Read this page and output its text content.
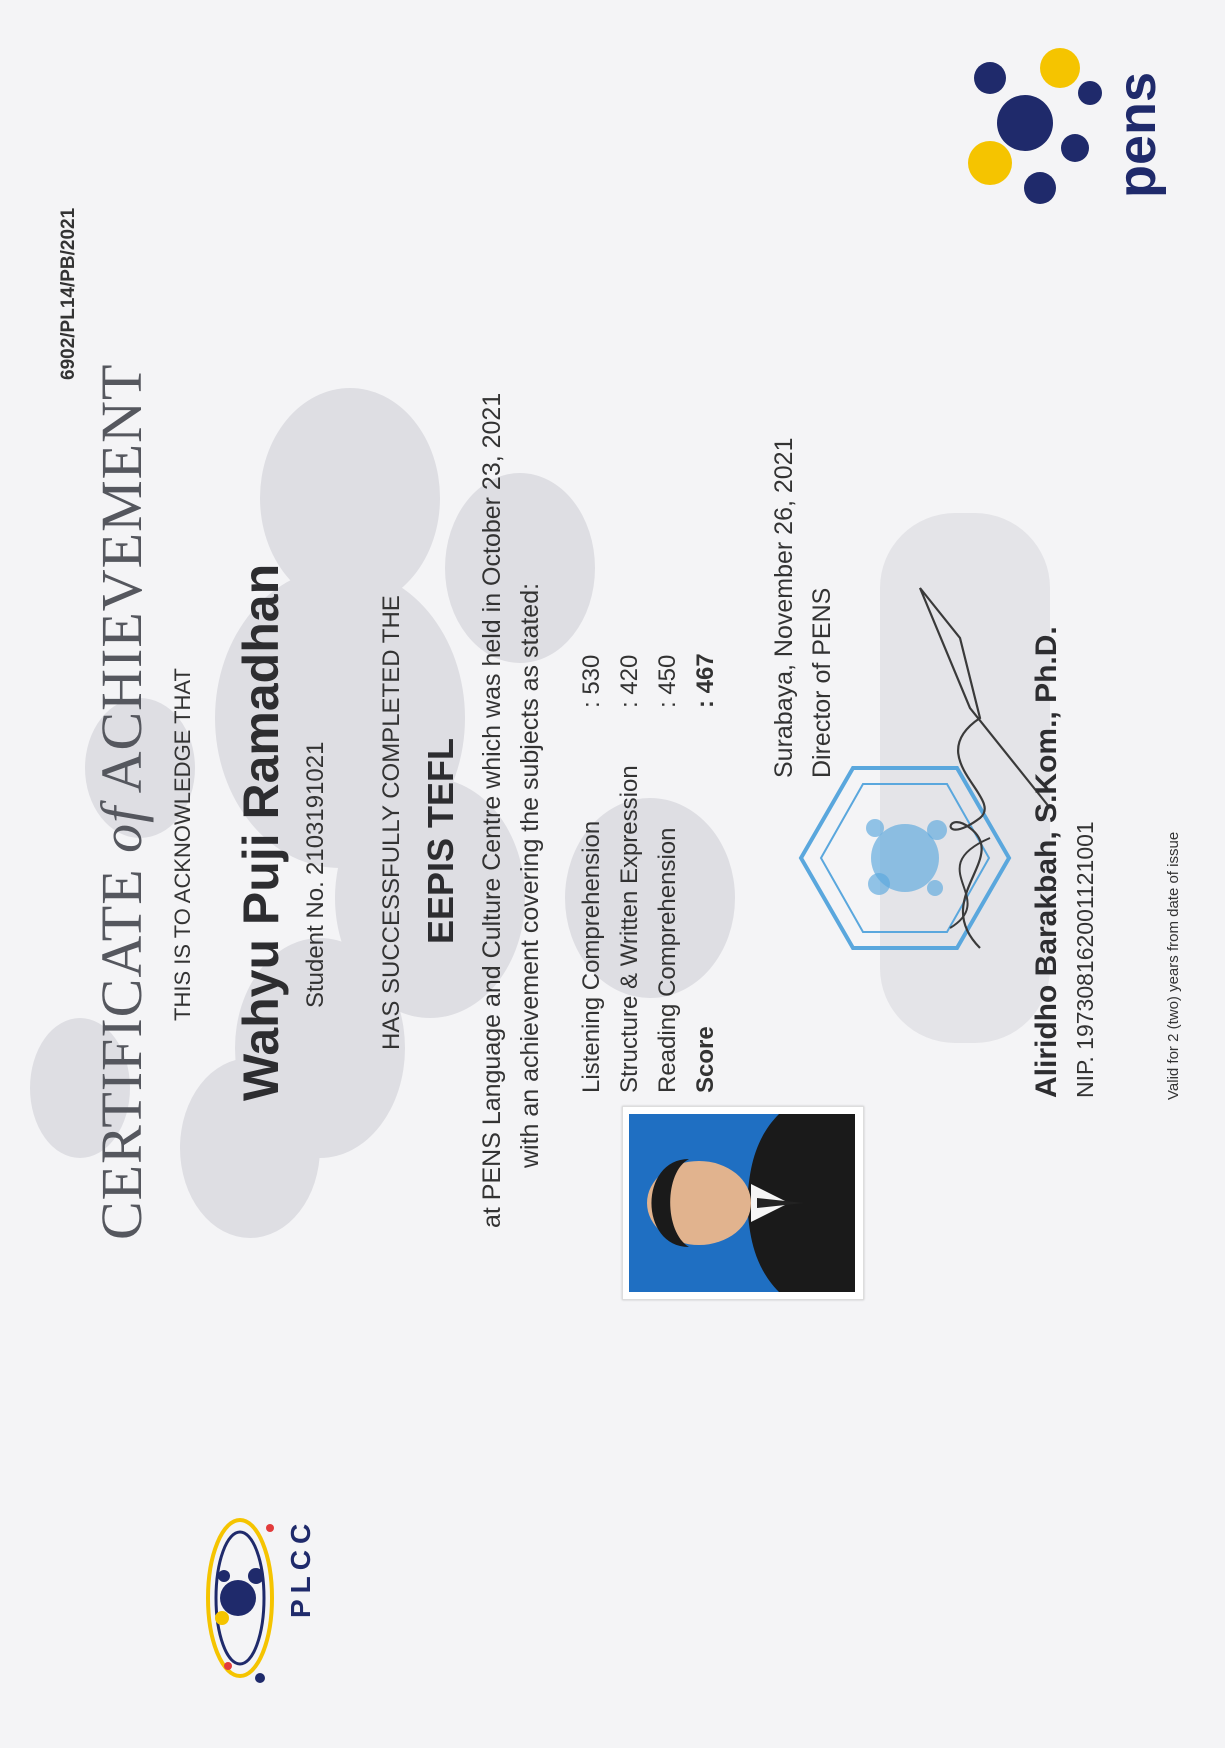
6902/PL14/PB/2021
CERTIFICATE of ACHIEVEMENT
THIS IS TO ACKNOWLEDGE THAT Wahyu Puji Ramadhan Student No.
2103191021 HAS SUCCESSFULLY COMPLETED THE EEPIS TEFL at PENS Language and Culture Centre which was held in October 23, 2021 with an achievement covering the subjects as stated: Listening Comprehension
: 530
Structure & Written Expression
: 420
Reading Comprehension
: 450
Score
: 467 Surabaya, November 26, 2021 Director of PENS	Aliridho Barakbah, S.Kom., Ph.D. NIP. 197308162001121001	Valid for 2 (two) years from date of issue
PLCC
pens
